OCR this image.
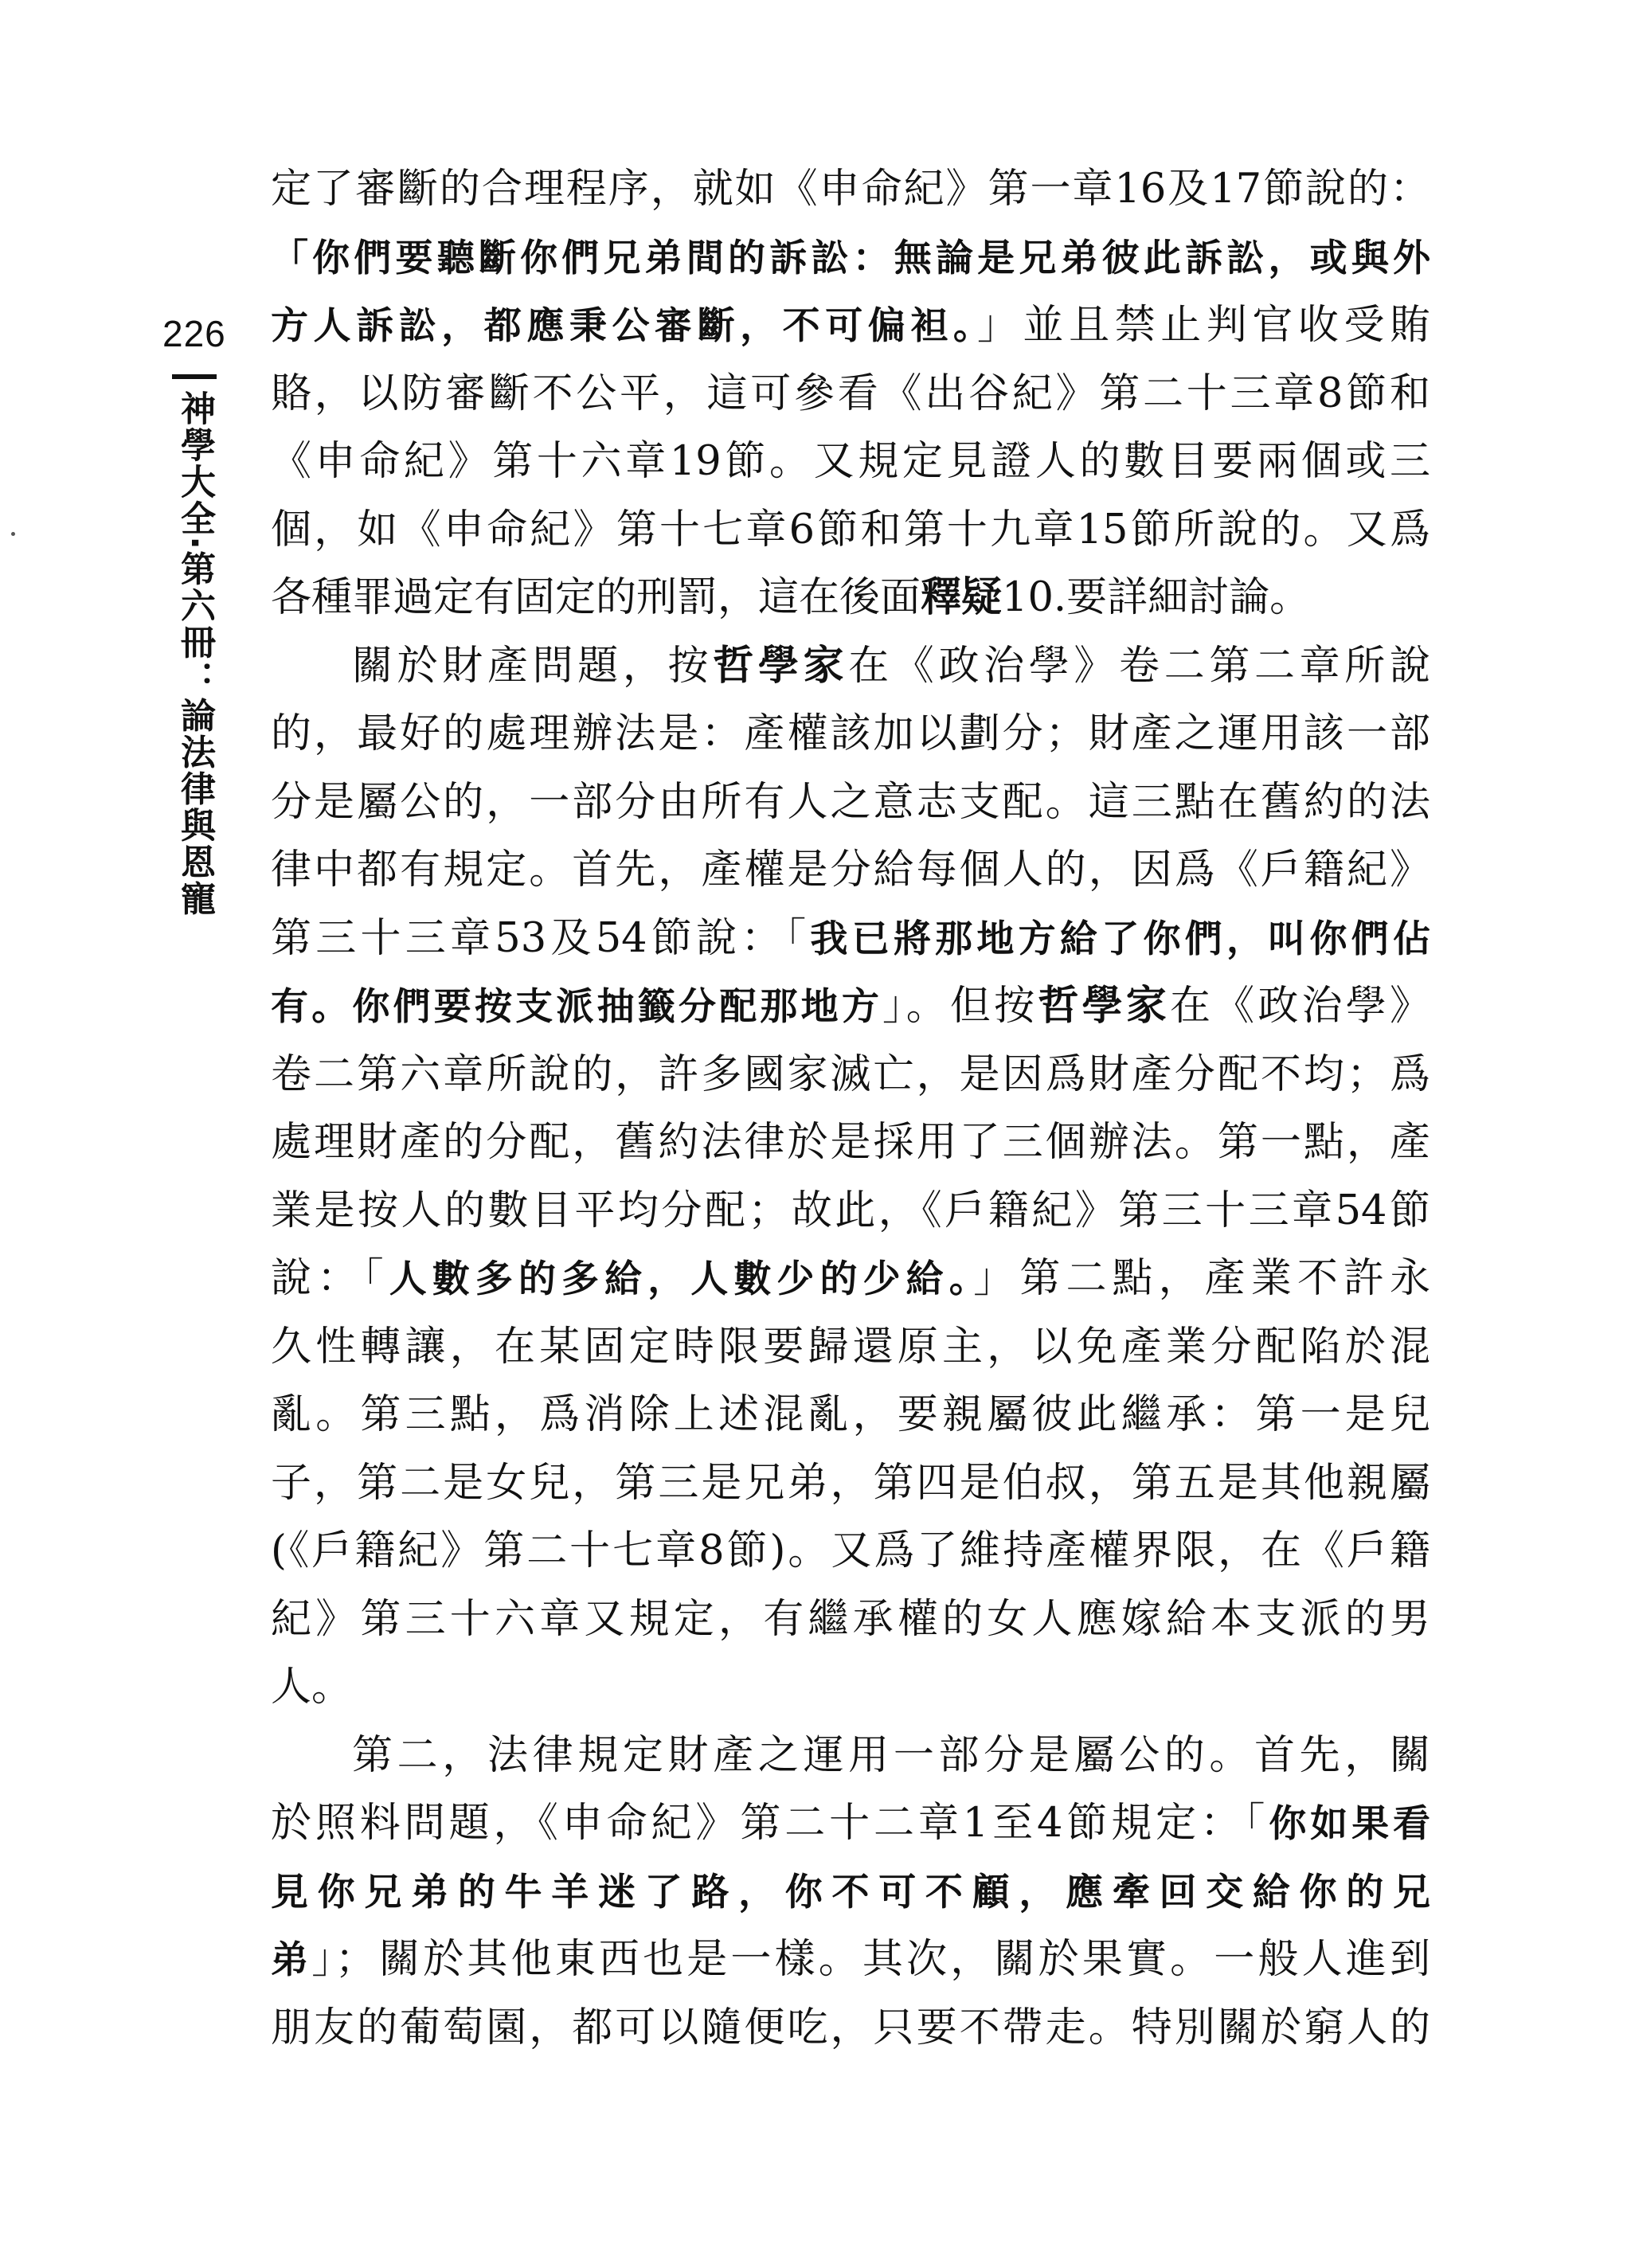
226
神學大全‧第六冊：論法律與恩寵
定了審斷的合理程序，就如《申命紀》第一章16及17節說的：
「你們要聽斷你們兄弟間的訴訟：無論是兄弟彼此訴訟，或與外
方人訴訟，都應秉公審斷，不可偏袒。」並且禁止判官收受賄
賂，以防審斷不公平，這可參看《出谷紀》第二十三章8節和
《申命紀》第十六章19節。又規定見證人的數目要兩個或三
個，如《申命紀》第十七章6節和第十九章15節所說的。又爲
各種罪過定有固定的刑罰，這在後面釋疑10.要詳細討論。
關於財產問題，按哲學家在《政治學》卷二第二章所說
的，最好的處理辦法是：產權該加以劃分；財產之運用該一部
分是屬公的，一部分由所有人之意志支配。這三點在舊約的法
律中都有規定。首先，產權是分給每個人的，因爲《戶籍紀》
第三十三章53及54節說：「我已將那地方給了你們，叫你們佔
有。你們要按支派抽籤分配那地方」。但按哲學家在《政治學》
卷二第六章所說的，許多國家滅亡，是因爲財產分配不均；爲
處理財產的分配，舊約法律於是採用了三個辦法。第一點，產
業是按人的數目平均分配；故此，《戶籍紀》第三十三章54節
說：「人數多的多給，人數少的少給。」第二點，產業不許永
久性轉讓，在某固定時限要歸還原主，以免產業分配陷於混
亂。第三點，爲消除上述混亂，要親屬彼此繼承：第一是兒
子，第二是女兒，第三是兄弟，第四是伯叔，第五是其他親屬
(《戶籍紀》第二十七章8節)。又爲了維持產權界限，在《戶籍
紀》第三十六章又規定，有繼承權的女人應嫁給本支派的男
人。
第二，法律規定財產之運用一部分是屬公的。首先，關
於照料問題，《申命紀》第二十二章1至4節規定：「你如果看
見你兄弟的牛羊迷了路，你不可不顧，應牽回交給你的兄
弟」；關於其他東西也是一樣。其次，關於果實。一般人進到
朋友的葡萄園，都可以隨便吃，只要不帶走。特別關於窮人的
